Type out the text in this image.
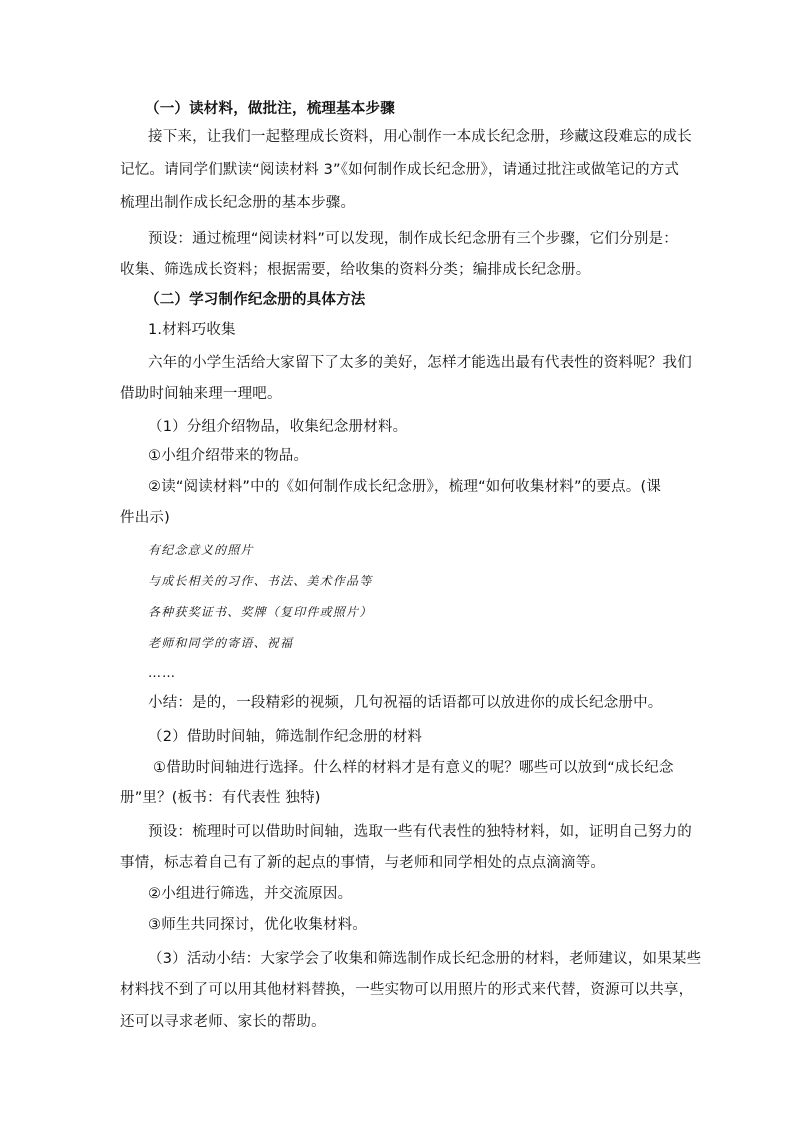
（一）读材料，做批注，梳理基本步骤
接下来，让我们一起整理成长资料，用心制作一本成长纪念册，珍藏这段难忘的成长
记忆。请同学们默读“阅读材料 3”《如何制作成长纪念册》，请通过批注或做笔记的方式
梳理出制作成长纪念册的基本步骤。
预设：通过梳理“阅读材料”可以发现，制作成长纪念册有三个步骤，它们分别是：
收集、筛选成长资料；根据需要，给收集的资料分类；编排成长纪念册。
（二）学习制作纪念册的具体方法
1.材料巧收集
六年的小学生活给大家留下了太多的美好，怎样才能选出最有代表性的资料呢？我们
借助时间轴来理一理吧。
（1）分组介绍物品，收集纪念册材料。
①小组介绍带来的物品。
②读“阅读材料”中的《如何制作成长纪念册》，梳理“如何收集材料”的要点。(课
件出示)
有纪念意义的照片
与成长相关的习作、书法、美术作品等
各种获奖证书、奖牌（复印件或照片）
老师和同学的寄语、祝福
……
小结：是的，一段精彩的视频，几句祝福的话语都可以放进你的成长纪念册中。
（2）借助时间轴，筛选制作纪念册的材料
①借助时间轴进行选择。什么样的材料才是有意义的呢？哪些可以放到“成长纪念
册”里？(板书：有代表性 独特)
预设：梳理时可以借助时间轴，选取一些有代表性的独特材料，如，证明自己努力的
事情，标志着自己有了新的起点的事情，与老师和同学相处的点点滴滴等。
②小组进行筛选，并交流原因。
③师生共同探讨，优化收集材料。
（3）活动小结：大家学会了收集和筛选制作成长纪念册的材料，老师建议，如果某些
材料找不到了可以用其他材料替换，一些实物可以用照片的形式来代替，资源可以共享，
还可以寻求老师、家长的帮助。
